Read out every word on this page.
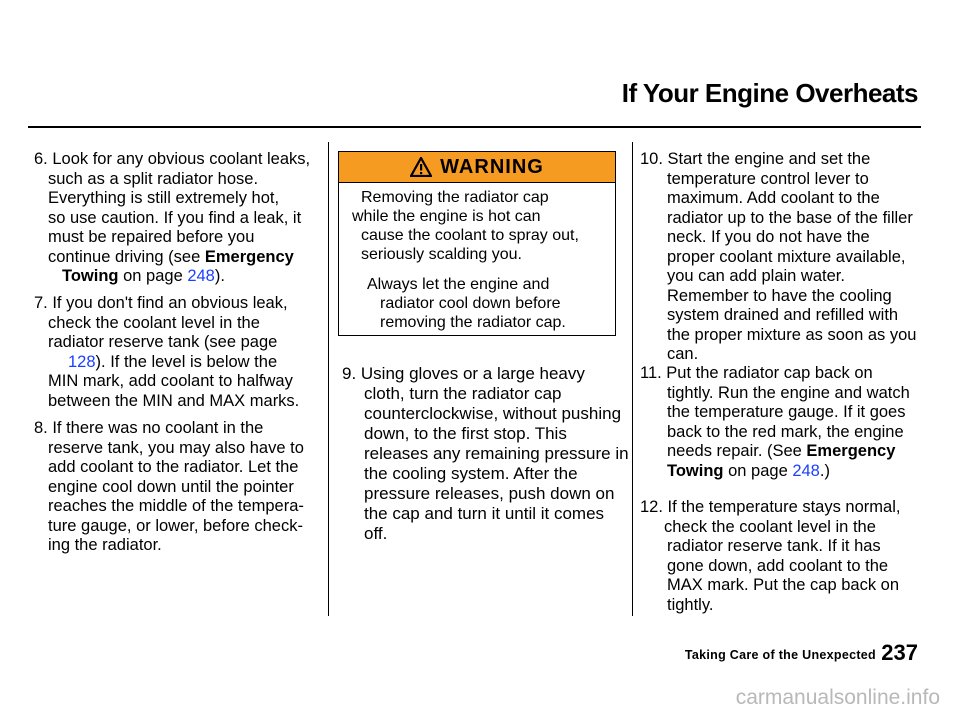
If Your Engine Overheats
6. Look for any obvious coolant leaks,
such as a split radiator hose.
Everything is still extremely hot,
so use caution. If you find a leak, it
must be repaired before you
continue driving (see Emergency
Towing on page 248).
7. If you don't find an obvious leak,
check the coolant level in the
radiator reserve tank (see page
128). If the level is below the
MIN mark, add coolant to halfway
between the MIN and MAX marks.
8. If there was no coolant in the
reserve tank, you may also have to
add coolant to the radiator. Let the
engine cool down until the pointer
reaches the middle of the tempera-
ture gauge, or lower, before check-
ing the radiator.
WARNING
Removing the radiator cap
while the engine is hot can
cause the coolant to spray out,
seriously scalding you.
Always let the engine and
radiator cool down before
removing the radiator cap.
9. Using gloves or a large heavy
cloth, turn the radiator cap
counterclockwise, without pushing
down, to the first stop. This
releases any remaining pressure in
the cooling system. After the
pressure releases, push down on
the cap and turn it until it comes
off.
10. Start the engine and set the
temperature control lever to
maximum. Add coolant to the
radiator up to the base of the filler
neck. If you do not have the
proper coolant mixture available,
you can add plain water.
Remember to have the cooling
system drained and refilled with
the proper mixture as soon as you
can.
11. Put the radiator cap back on
tightly. Run the engine and watch
the temperature gauge. If it goes
back to the red mark, the engine
needs repair. (See Emergency
Towing on page 248.)
12. If the temperature stays normal,
check the coolant level in the
radiator reserve tank. If it has
gone down, add coolant to the
MAX mark. Put the cap back on
tightly.
Taking Care of the Unexpected 237
carmanualsonline.info
